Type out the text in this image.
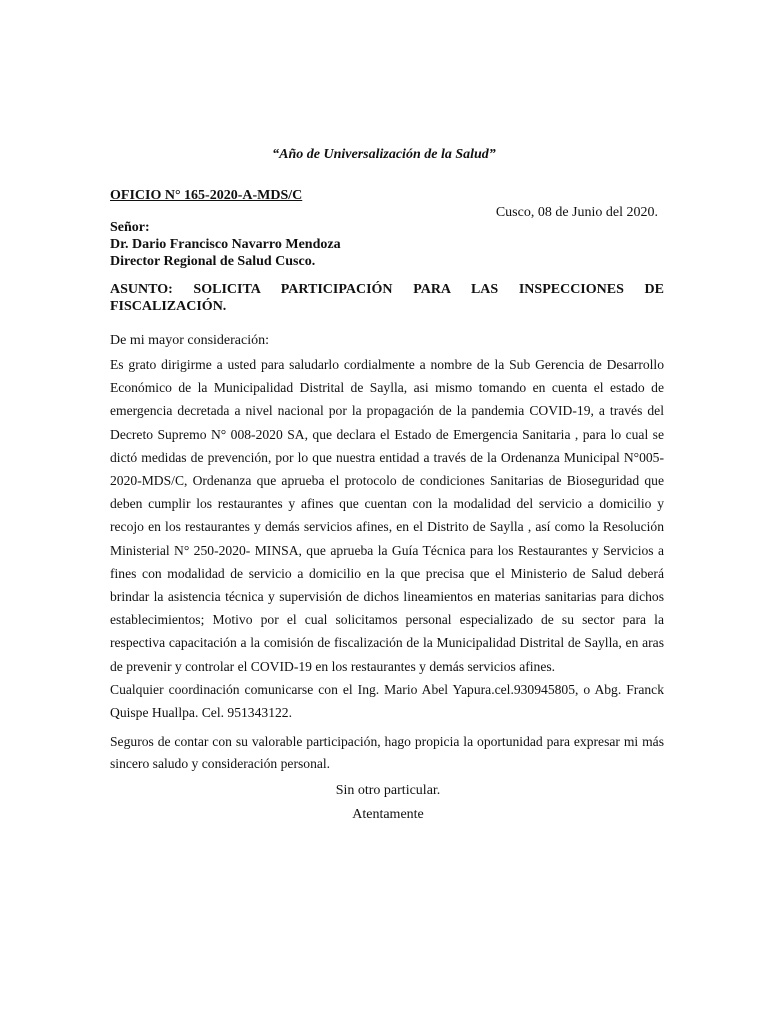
“Año de Universalización de la Salud”
OFICIO N° 165-2020-A-MDS/C
Cusco, 08 de Junio del 2020.
Señor:
Dr. Dario Francisco Navarro Mendoza
Director Regional de Salud Cusco.
ASUNTO: SOLICITA PARTICIPACIÓN PARA LAS INSPECCIONES DE FISCALIZACIÓN.
De mi mayor consideración:

Es grato dirigirme a usted para saludarlo cordialmente a nombre de la Sub Gerencia de Desarrollo Económico de la Municipalidad Distrital de Saylla, asi mismo tomando en cuenta el estado de emergencia decretada a nivel nacional por la propagación de la pandemia COVID-19, a través del Decreto Supremo N° 008-2020 SA, que declara el Estado de Emergencia Sanitaria , para lo cual se dictó medidas de prevención, por lo que nuestra entidad a través de la Ordenanza Municipal N°005-2020-MDS/C, Ordenanza que aprueba el protocolo de condiciones Sanitarias de Bioseguridad que deben cumplir los restaurantes y afines que cuentan con la modalidad del servicio a domicilio y recojo en los restaurantes y demás servicios afines, en el Distrito de Saylla , así como la Resolución Ministerial N° 250-2020- MINSA, que aprueba la Guía Técnica para los Restaurantes y Servicios a fines con modalidad de servicio a domicilio en la que precisa que el Ministerio de Salud deberá brindar la asistencia técnica y supervisión de dichos lineamientos en materias sanitarias para dichos establecimientos; Motivo por el cual solicitamos personal especializado de su sector para la respectiva capacitación a la comisión de fiscalización de la Municipalidad Distrital de Saylla, en aras de prevenir y controlar el COVID-19 en los restaurantes y demás servicios afines.

Cualquier coordinación comunicarse con el Ing. Mario Abel Yapura.cel.930945805, o Abg. Franck Quispe Huallpa. Cel. 951343122.

Seguros de contar con su valorable participación, hago propicia la oportunidad para expresar mi más sincero saludo y consideración personal.

Sin otro particular.
Atentamente
